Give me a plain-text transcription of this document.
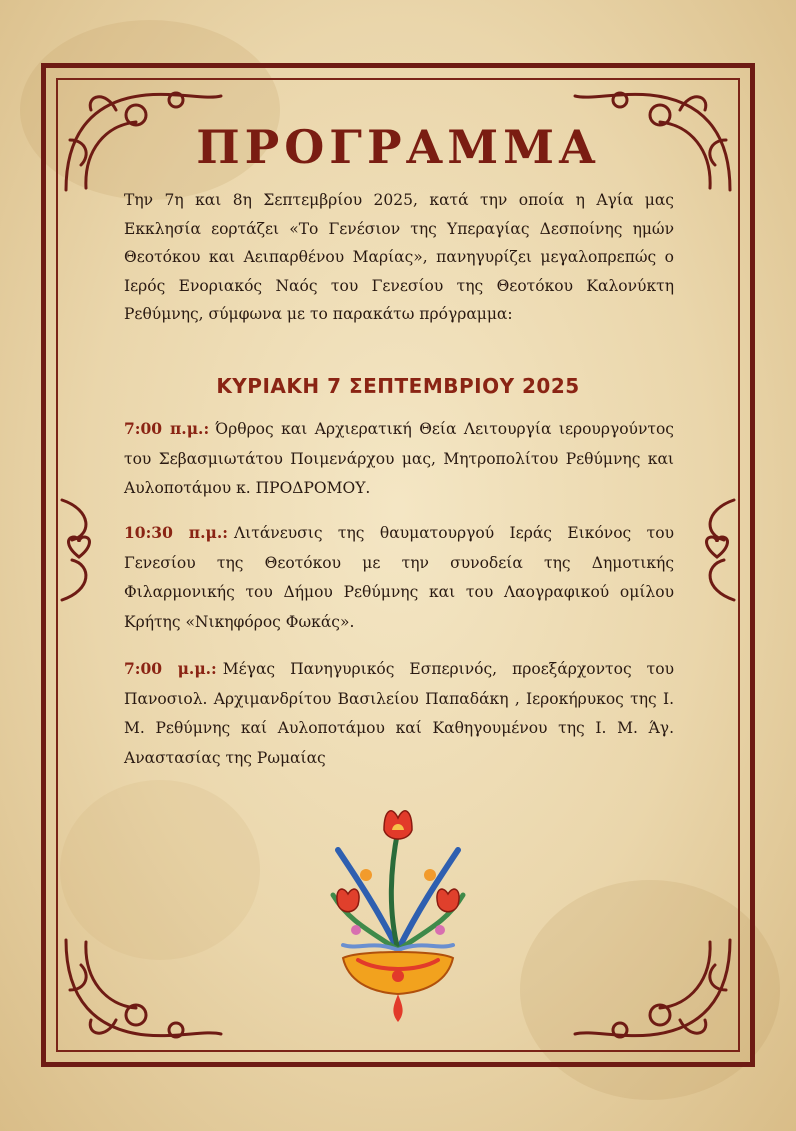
ΠΡΟΓΡΑΜΜΑ
Την 7η και 8η Σεπτεμβρίου 2025, κατά την οποία η Αγία μας Εκκλησία εορτάζει «Το Γενέσιον της Υπεραγίας Δεσποίνης ημών Θεοτόκου και Αειπαρθένου Μαρίας», πανηγυρίζει μεγαλοπρεπώς ο Ιερός Ενοριακός Ναός του Γενεσίου της Θεοτόκου Καλονύκτη Ρεθύμνης, σύμφωνα με το παρακάτω πρόγραμμα:
ΚΥΡΙΑΚΗ 7 ΣΕΠΤΕΜΒΡΙΟΥ 2025
7:00 π.μ.: Όρθρος και Αρχιερατική Θεία Λειτουργία ιερουργούντος του Σεβασμιωτάτου Ποιμενάρχου μας, Μητροπολίτου Ρεθύμνης και Αυλοποτάμου κ. ΠΡΟΔΡΟΜΟΥ.
10:30 π.μ.: Λιτάνευσις της θαυματουργού Ιεράς Εικόνος του Γενεσίου της Θεοτόκου με την συνοδεία της Δημοτικής Φιλαρμονικής του Δήμου Ρεθύμνης και του Λαογραφικού ομίλου Κρήτης «Νικηφόρος Φωκάς».
7:00 μ.μ.: Μέγας Πανηγυρικός Εσπερινός, προεξάρχοντος του Πανοσιολ. Αρχιμανδρίτου Βασιλείου Παπαδάκη , Ιεροκήρυκος της Ι. Μ. Ρεθύμνης καί Αυλοποτάμου καί Καθηγουμένου της Ι. Μ. Άγ. Αναστασίας της Ρωμαίας
